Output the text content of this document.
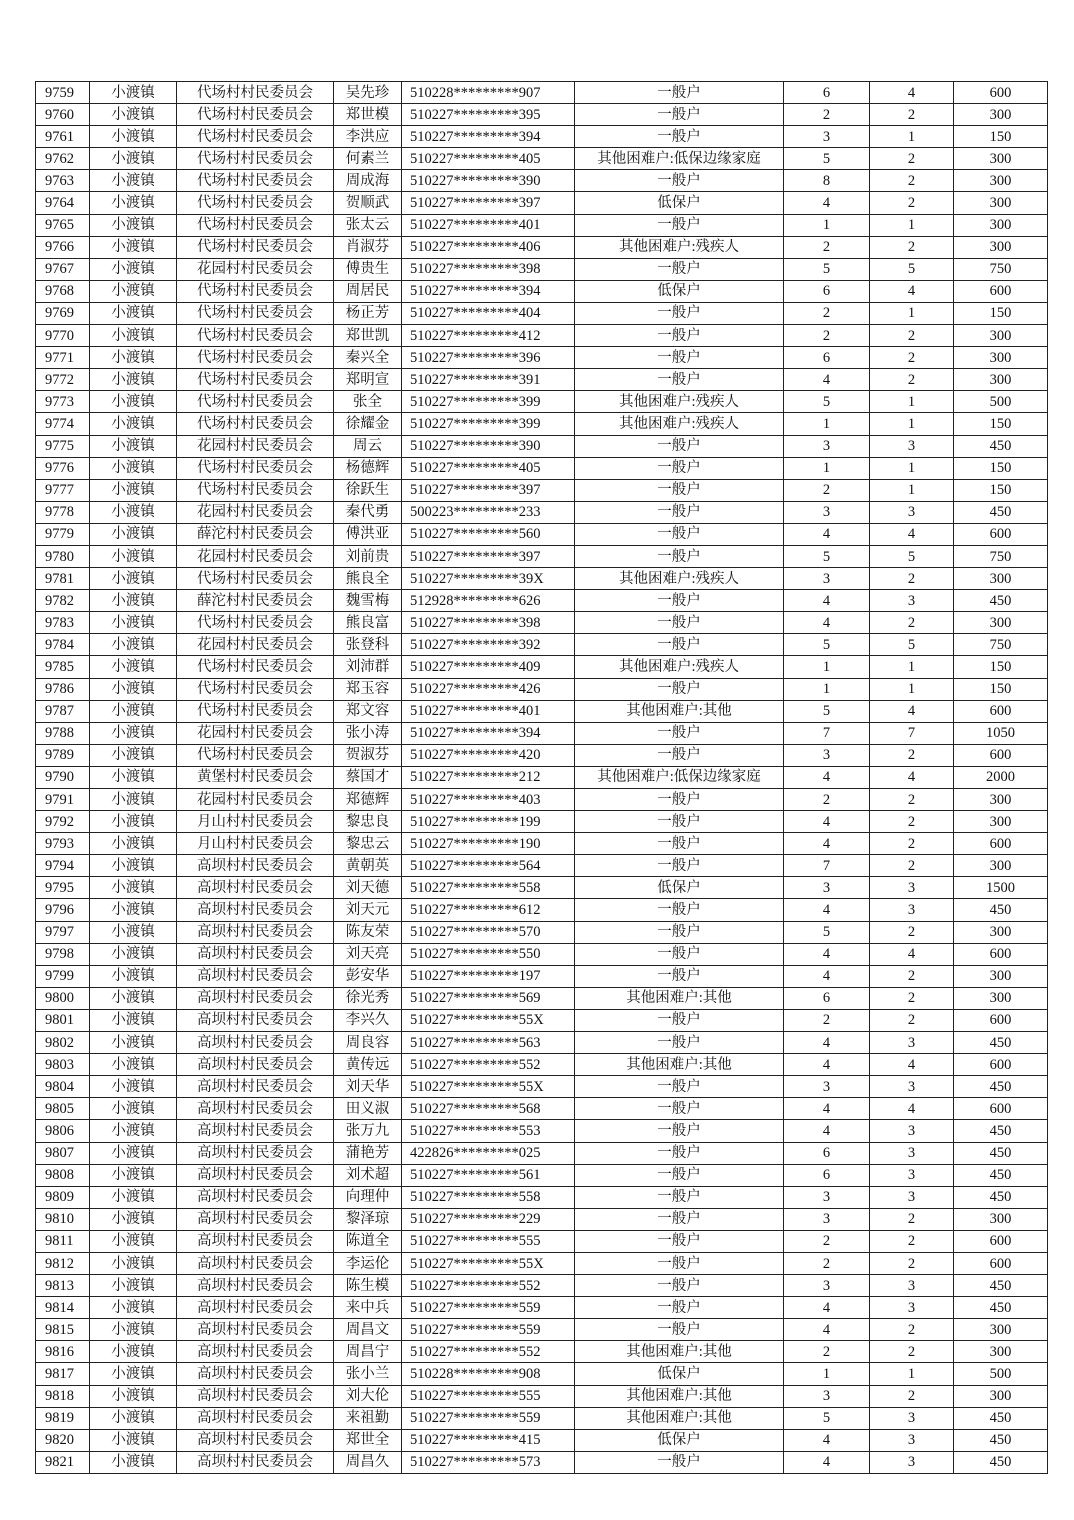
9759	小渡镇	代场村村民委员会	吴先珍	510228*********907	一般户	6	4	600
9760	小渡镇	代场村村民委员会	郑世模	510227*********395	一般户	2	2	300
9761	小渡镇	代场村村民委员会	李洪应	510227*********394	一般户	3	1	150
9762	小渡镇	代场村村民委员会	何素兰	510227*********405	其他困难户:低保边缘家庭	5	2	300
9763	小渡镇	代场村村民委员会	周成海	510227*********390	一般户	8	2	300
9764	小渡镇	代场村村民委员会	贺顺武	510227*********397	低保户	4	2	300
9765	小渡镇	代场村村民委员会	张太云	510227*********401	一般户	1	1	300
9766	小渡镇	代场村村民委员会	肖淑芬	510227*********406	其他困难户:残疾人	2	2	300
9767	小渡镇	花园村村民委员会	傅贵生	510227*********398	一般户	5	5	750
9768	小渡镇	代场村村民委员会	周居民	510227*********394	低保户	6	4	600
9769	小渡镇	代场村村民委员会	杨正芳	510227*********404	一般户	2	1	150
9770	小渡镇	代场村村民委员会	郑世凯	510227*********412	一般户	2	2	300
9771	小渡镇	代场村村民委员会	秦兴全	510227*********396	一般户	6	2	300
9772	小渡镇	代场村村民委员会	郑明宣	510227*********391	一般户	4	2	300
9773	小渡镇	代场村村民委员会	张全	510227*********399	其他困难户:残疾人	5	1	500
9774	小渡镇	代场村村民委员会	徐耀金	510227*********399	其他困难户:残疾人	1	1	150
9775	小渡镇	花园村村民委员会	周云	510227*********390	一般户	3	3	450
9776	小渡镇	代场村村民委员会	杨德辉	510227*********405	一般户	1	1	150
9777	小渡镇	代场村村民委员会	徐跃生	510227*********397	一般户	2	1	150
9778	小渡镇	花园村村民委员会	秦代勇	500223*********233	一般户	3	3	450
9779	小渡镇	薛沱村村民委员会	傅洪亚	510227*********560	一般户	4	4	600
9780	小渡镇	花园村村民委员会	刘前贵	510227*********397	一般户	5	5	750
9781	小渡镇	代场村村民委员会	熊良全	510227*********39X	其他困难户:残疾人	3	2	300
9782	小渡镇	薛沱村村民委员会	魏雪梅	512928*********626	一般户	4	3	450
9783	小渡镇	代场村村民委员会	熊良富	510227*********398	一般户	4	2	300
9784	小渡镇	花园村村民委员会	张登科	510227*********392	一般户	5	5	750
9785	小渡镇	代场村村民委员会	刘沛群	510227*********409	其他困难户:残疾人	1	1	150
9786	小渡镇	代场村村民委员会	郑玉容	510227*********426	一般户	1	1	150
9787	小渡镇	代场村村民委员会	郑文容	510227*********401	其他困难户:其他	5	4	600
9788	小渡镇	花园村村民委员会	张小涛	510227*********394	一般户	7	7	1050
9789	小渡镇	代场村村民委员会	贺淑芬	510227*********420	一般户	3	2	600
9790	小渡镇	黄堡村村民委员会	蔡国才	510227*********212	其他困难户:低保边缘家庭	4	4	2000
9791	小渡镇	花园村村民委员会	郑德辉	510227*********403	一般户	2	2	300
9792	小渡镇	月山村村民委员会	黎忠良	510227*********199	一般户	4	2	300
9793	小渡镇	月山村村民委员会	黎忠云	510227*********190	一般户	4	2	600
9794	小渡镇	高坝村村民委员会	黄朝英	510227*********564	一般户	7	2	300
9795	小渡镇	高坝村村民委员会	刘天德	510227*********558	低保户	3	3	1500
9796	小渡镇	高坝村村民委员会	刘天元	510227*********612	一般户	4	3	450
9797	小渡镇	高坝村村民委员会	陈友荣	510227*********570	一般户	5	2	300
9798	小渡镇	高坝村村民委员会	刘天亮	510227*********550	一般户	4	4	600
9799	小渡镇	高坝村村民委员会	彭安华	510227*********197	一般户	4	2	300
9800	小渡镇	高坝村村民委员会	徐光秀	510227*********569	其他困难户:其他	6	2	300
9801	小渡镇	高坝村村民委员会	李兴久	510227*********55X	一般户	2	2	600
9802	小渡镇	高坝村村民委员会	周良容	510227*********563	一般户	4	3	450
9803	小渡镇	高坝村村民委员会	黄传远	510227*********552	其他困难户:其他	4	4	600
9804	小渡镇	高坝村村民委员会	刘天华	510227*********55X	一般户	3	3	450
9805	小渡镇	高坝村村民委员会	田义淑	510227*********568	一般户	4	4	600
9806	小渡镇	高坝村村民委员会	张万九	510227*********553	一般户	4	3	450
9807	小渡镇	高坝村村民委员会	蒲艳芳	422826*********025	一般户	6	3	450
9808	小渡镇	高坝村村民委员会	刘术超	510227*********561	一般户	6	3	450
9809	小渡镇	高坝村村民委员会	向理仲	510227*********558	一般户	3	3	450
9810	小渡镇	高坝村村民委员会	黎泽琼	510227*********229	一般户	3	2	300
9811	小渡镇	高坝村村民委员会	陈道全	510227*********555	一般户	2	2	600
9812	小渡镇	高坝村村民委员会	李运伦	510227*********55X	一般户	2	2	600
9813	小渡镇	高坝村村民委员会	陈生模	510227*********552	一般户	3	3	450
9814	小渡镇	高坝村村民委员会	来中兵	510227*********559	一般户	4	3	450
9815	小渡镇	高坝村村民委员会	周昌文	510227*********559	一般户	4	2	300
9816	小渡镇	高坝村村民委员会	周昌宁	510227*********552	其他困难户:其他	2	2	300
9817	小渡镇	高坝村村民委员会	张小兰	510228*********908	低保户	1	1	500
9818	小渡镇	高坝村村民委员会	刘大伦	510227*********555	其他困难户:其他	3	2	300
9819	小渡镇	高坝村村民委员会	来祖勤	510227*********559	其他困难户:其他	5	3	450
9820	小渡镇	高坝村村民委员会	郑世全	510227*********415	低保户	4	3	450
9821	小渡镇	高坝村村民委员会	周昌久	510227*********573	一般户	4	3	450
